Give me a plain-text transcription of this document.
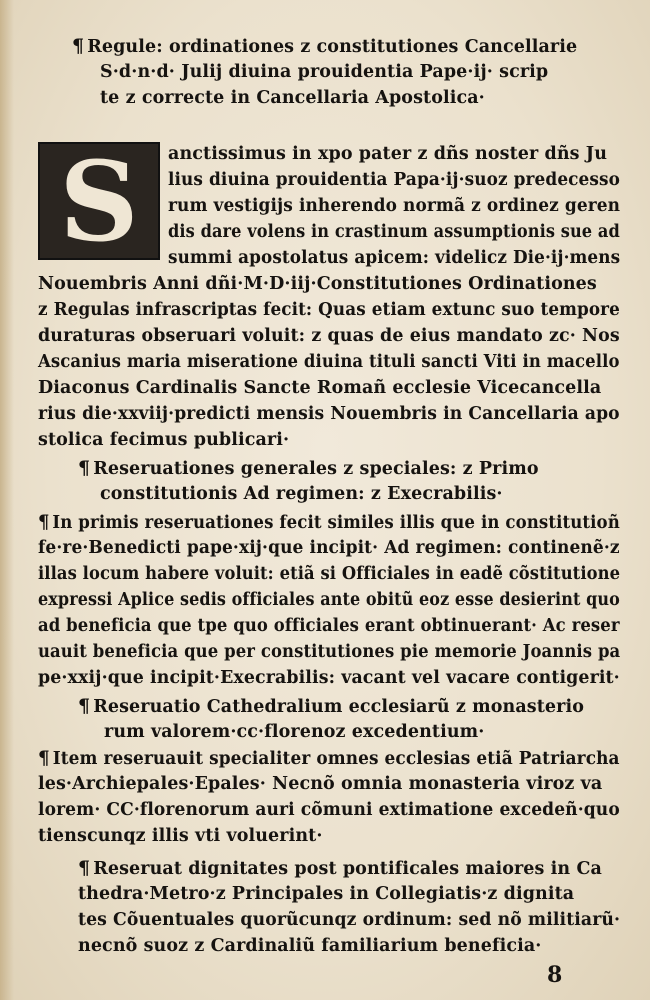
¶ Regule: ordinationes z constitutiones Cancellarie
S·d·n·d· Julij diuina prouidentia Pape·ij· scrip
te z correcte in Cancellaria Apostolica·
S	anctissimus in xpo pater z dñs noster dñs Ju
lius diuina prouidentia Papa·ij·suoz predecesso
rum vestigijs inherendo normã z ordinez geren
dis dare volens in crastinum assumptionis sue ad
summi apostolatus apicem: videlicz Die·ij·mens
Nouembris Anni dñi·M·D·iij·Constitutiones Ordinationes
z Regulas infrascriptas fecit: Quas etiam extunc suo tempore
duraturas obseruari voluit: z quas de eius mandato zc· Nos
Ascanius maria miseratione diuina tituli sancti Viti in macello
Diaconus Cardinalis Sancte Romañ ecclesie Vicecancella
rius die·xxviij·predicti mensis Nouembris in Cancellaria apo
stolica fecimus publicari·
¶ Reseruationes generales z speciales: z Primo
constitutionis Ad regimen: z Execrabilis·
¶ In primis reseruationes fecit similes illis que in constitutioñ
fe·re·Benedicti pape·xij·que incipit· Ad regimen: continenẽ·z
illas locum habere voluit: etiã si Officiales in eadẽ cõstitutione
expressi Aplice sedis officiales ante obitũ eoz esse desierint quo
ad beneficia que tpe quo officiales erant obtinuerant· Ac reser
uauit beneficia que per constitutiones pie memorie Joannis pa
pe·xxij·que incipit·Execrabilis: vacant vel vacare contigerit·
¶ Reseruatio Cathedralium ecclesiarũ z monasterio
rum valorem·cc·florenoz excedentium·
¶ Item reseruauit specialiter omnes ecclesias etiã Patriarcha
les·Archiepales·Epales· Necnõ omnia monasteria viroz va
lorem· CC·florenorum auri cõmuni extimatione excedeñ·quo
tienscunqz illis vti voluerint·
¶ Reseruat dignitates post pontificales maiores in Ca
thedra·Metro·z Principales in Collegiatis·z dignita
tes Cõuentuales quorũcunqz ordinum: sed nõ militiarũ·
necnõ suoz z Cardinaliũ familiarium beneficia·
8
